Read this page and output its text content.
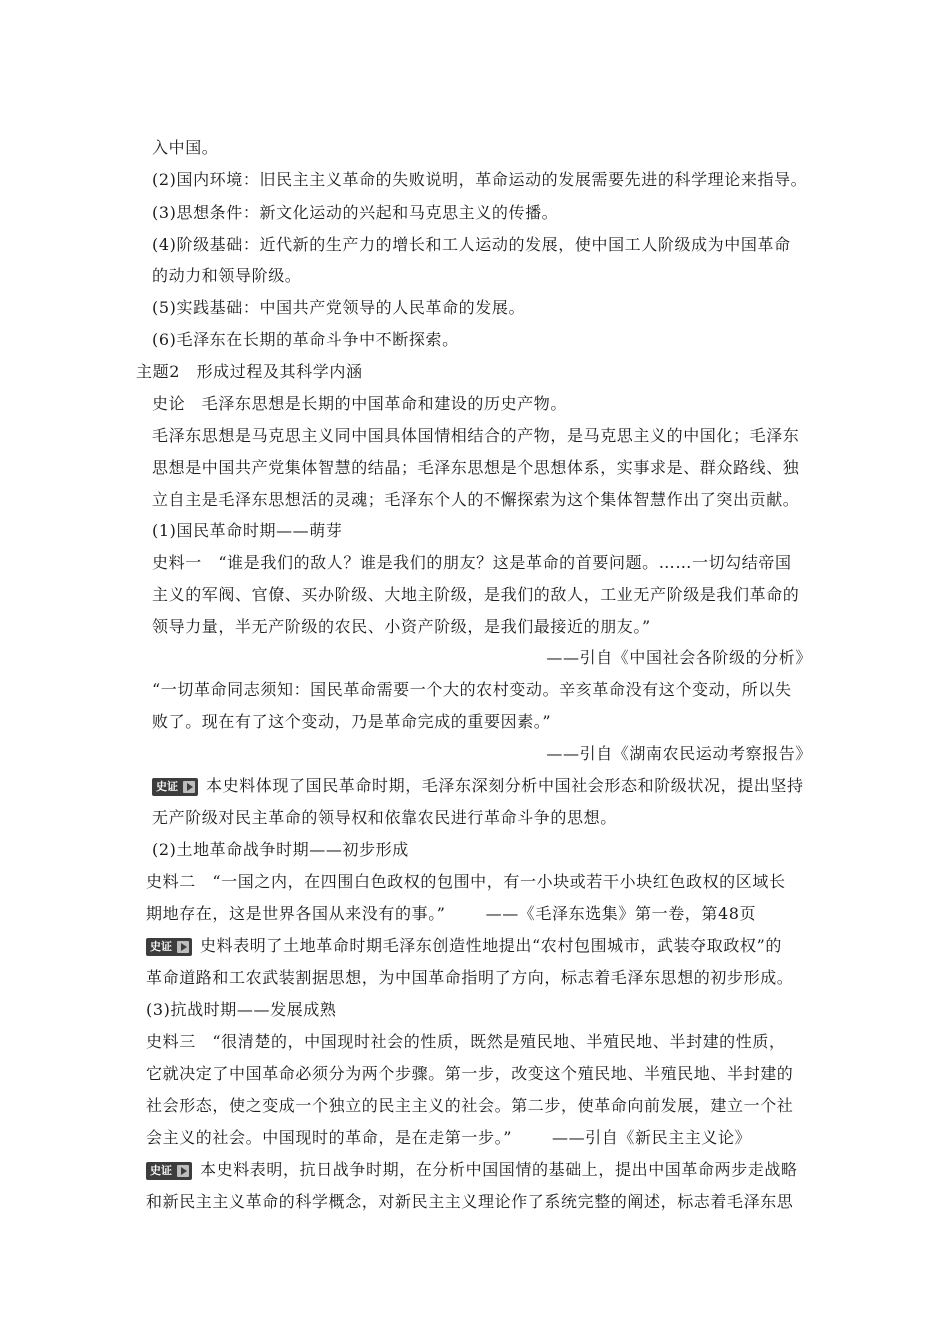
入中国。
(2)国内环境：旧民主主义革命的失败说明，革命运动的发展需要先进的科学理论来指导。
(3)思想条件：新文化运动的兴起和马克思主义的传播。
(4)阶级基础：近代新的生产力的增长和工人运动的发展，使中国工人阶级成为中国革命
的动力和领导阶级。
(5)实践基础：中国共产党领导的人民革命的发展。
(6)毛泽东在长期的革命斗争中不断探索。
主题2　形成过程及其科学内涵
史论　毛泽东思想是长期的中国革命和建设的历史产物。
毛泽东思想是马克思主义同中国具体国情相结合的产物，是马克思主义的中国化；毛泽东
思想是中国共产党集体智慧的结晶；毛泽东思想是个思想体系，实事求是、群众路线、独
立自主是毛泽东思想活的灵魂；毛泽东个人的不懈探索为这个集体智慧作出了突出贡献。
(1)国民革命时期——萌芽
史料一　“谁是我们的敌人？谁是我们的朋友？这是革命的首要问题。……一切勾结帝国
主义的军阀、官僚、买办阶级、大地主阶级，是我们的敌人，工业无产阶级是我们革命的
领导力量，半无产阶级的农民、小资产阶级，是我们最接近的朋友。”
——引自《中国社会各阶级的分析》
“一切革命同志须知：国民革命需要一个大的农村变动。辛亥革命没有这个变动，所以失
败了。现在有了这个变动，乃是革命完成的重要因素。”
——引自《湖南农民运动考察报告》
史证 本史料体现了国民革命时期，毛泽东深刻分析中国社会形态和阶级状况，提出坚持
无产阶级对民主革命的领导权和依靠农民进行革命斗争的思想。
(2)土地革命战争时期——初步形成
史料二　“一国之内，在四围白色政权的包围中，有一小块或若干小块红色政权的区域长
期地存在，这是世界各国从来没有的事。”	——《毛泽东选集》第一卷，第48页
史证 史料表明了土地革命时期毛泽东创造性地提出“农村包围城市，武装夺取政权”的
革命道路和工农武装割据思想，为中国革命指明了方向，标志着毛泽东思想的初步形成。
(3)抗战时期——发展成熟
史料三　“很清楚的，中国现时社会的性质，既然是殖民地、半殖民地、半封建的性质，
它就决定了中国革命必须分为两个步骤。第一步，改变这个殖民地、半殖民地、半封建的
社会形态，使之变成一个独立的民主主义的社会。第二步，使革命向前发展，建立一个社
会主义的社会。中国现时的革命，是在走第一步。”	——引自《新民主主义论》
史证 本史料表明，抗日战争时期，在分析中国国情的基础上，提出中国革命两步走战略
和新民主主义革命的科学概念，对新民主主义理论作了系统完整的阐述，标志着毛泽东思
